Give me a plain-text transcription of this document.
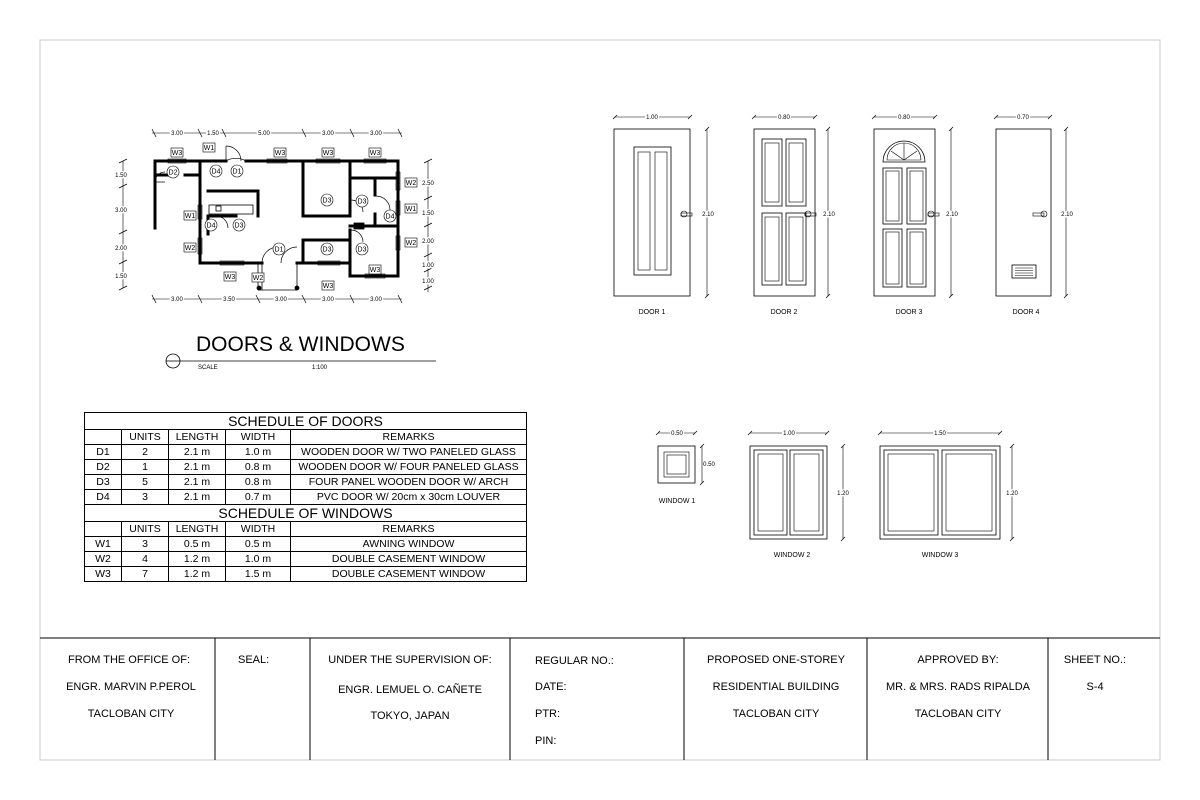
3.00	1.50	5.00	3.00	3.00
3.00	3.50	3.00	3.00	3.00
1.50
3.00
2.00
1.50
2.50
1.50
2.00
1.00
1.00
W3
W1
W3	W3	W3
W1
W2
W2
W1
W2
W3	W2
W3
W3
D2	D4 D1
D3	D3
D4
D4	D3
D1	D3	D3
DOORS & WINDOWS
SCALE	1:100
1.00
2.10
DOOR 1
0.80
2.10
DOOR 2
0.80
2.10
DOOR 3
0.70
2.10
DOOR 4
0.50
0.50
WINDOW 1
1.00
1.20
WINDOW 2
1.50
1.20
WINDOW 3
SCHEDULE OF DOORS				
	UNITS	LENGTH	WIDTH	REMARKS
D1	2	2.1 m	1.0 m	WOODEN DOOR W/ TWO PANELED GLASS
D2	1	2.1 m	0.8 m	WOODEN DOOR W/ FOUR PANELED GLASS
D3	5	2.1 m	0.8 m	FOUR PANEL WOODEN DOOR W/ ARCH
D4	3	2.1 m	0.7 m	PVC DOOR W/ 20cm x 30cm LOUVER
SCHEDULE OF WINDOWS				
	UNITS	LENGTH	WIDTH	REMARKS
W1	3	0.5 m	0.5 m	AWNING WINDOW
W2	4	1.2 m	1.0 m	DOUBLE CASEMENT WINDOW
W3	7	1.2 m	1.5 m	DOUBLE CASEMENT WINDOW
FROM THE OFFICE OF:
ENGR. MARVIN P.PEROL
TACLOBAN CITY
SEAL:	UNDER THE SUPERVISION OF:
ENGR. LEMUEL O. CAÑETE
TOKYO, JAPAN
REGULAR NO.:
DATE:
PTR:
PIN:
PROPOSED ONE-STOREY
RESIDENTIAL BUILDING
TACLOBAN CITY
APPROVED BY:
MR. & MRS. RADS RIPALDA
TACLOBAN CITY
SHEET NO.:
S-4
